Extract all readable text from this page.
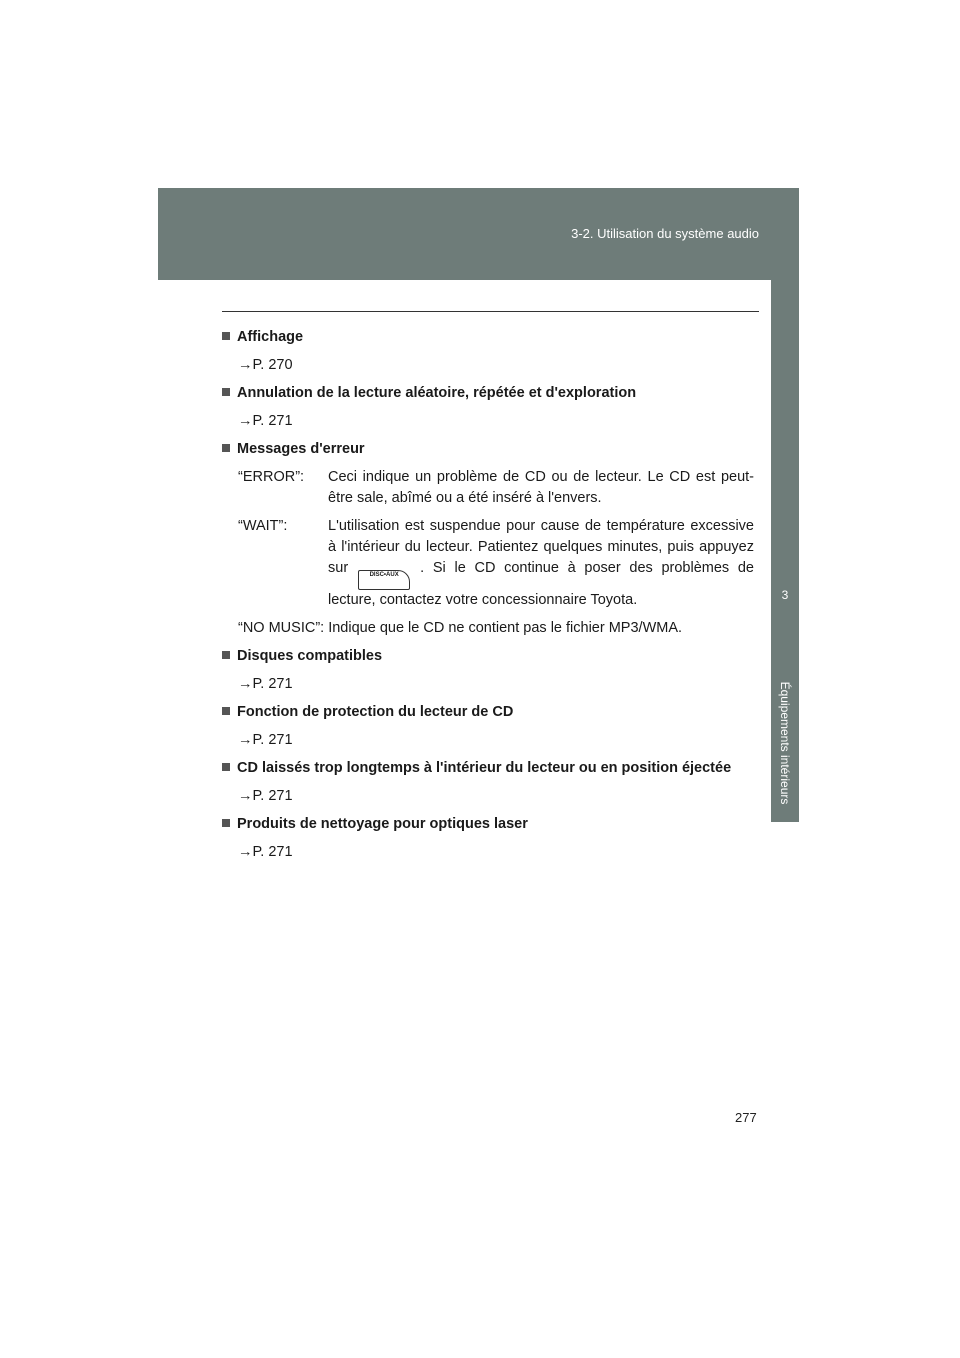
3-2. Utilisation du système audio
3
Équipements intérieurs
Affichage
→P. 270
Annulation de la lecture aléatoire, répétée et d'exploration
→P. 271
Messages d'erreur
“ERROR”:	Ceci indique un problème de CD ou de lecteur. Le CD est peut-être sale, abîmé ou a été inséré à l'envers.
“WAIT”:	L'utilisation est suspendue pour cause de température excessive à l'intérieur du lecteur. Patientez quelques minutes, puis appuyez sur	DISC•AUX . Si le CD continue à poser des problèmes de lecture, contactez votre concessionnaire Toyota.
“NO MUSIC”: Indique que le CD ne contient pas le fichier MP3/WMA.
Disques compatibles
→P. 271
Fonction de protection du lecteur de CD
→P. 271
CD laissés trop longtemps à l'intérieur du lecteur ou en position éjectée
→P. 271
Produits de nettoyage pour optiques laser
→P. 271
277
